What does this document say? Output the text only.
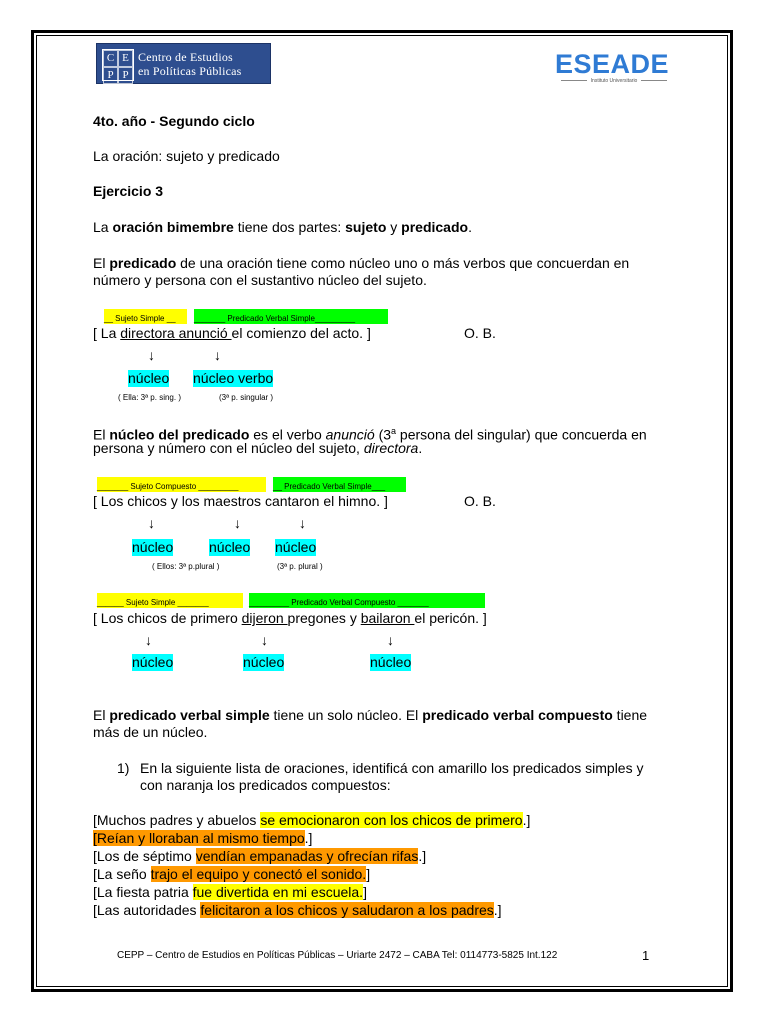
C E
P P
Centro de Estudios
en Políticas Públicas	ESEADE
Instituto Universitario
4to. año - Segundo ciclo
La oración: sujeto y predicado
Ejercicio 3
La oración bimembre tiene dos partes: sujeto y predicado.
El predicado de una oración tiene como núcleo uno o más verbos que concuerdan en
número y persona con el sustantivo núcleo del sujeto.
__ Sujeto Simple __	_______ Predicado Verbal Simple_________
[ La directora anunció el comienzo del acto. ]	O. B.
↓	↓
núcleo núcleo verbo
( Ella: 3ª p. sing. )	(3ª p. singular )
El núcleo del predicado es el verbo anunció (3$^a$ persona del singular) que concuerda en
persona y número con el núcleo del sujeto, directora.
_______ Sujeto Compuesto _________	__ Predicado Verbal Simple___
[ Los chicos y los maestros cantaron el himno. ]	O. B.
↓	↓	↓
núcleo	núcleo núcleo
( Ellos: 3ª p.plural )	(3ª p. plural )
______ Sujeto Simple _______	_________ Predicado Verbal Compuesto _______
[ Los chicos de primero dijeron pregones y bailaron el pericón. ]
↓	↓	↓
núcleo	núcleo	núcleo
El predicado verbal simple tiene un solo núcleo. El predicado verbal compuesto tiene
más de un núcleo.
1) En la siguiente lista de oraciones, identificá con amarillo los predicados simples y
con naranja los predicados compuestos:
[Muchos padres y abuelos se emocionaron con los chicos de primero.]
[Reían y lloraban al mismo tiempo.]
[Los de séptimo vendían empanadas y ofrecían rifas.]
[La seño trajo el equipo y conectó el sonido.]
[La fiesta patria fue divertida en mi escuela.]
[Las autoridades felicitaron a los chicos y saludaron a los padres.]
CEPP – Centro de Estudios en Políticas Públicas – Uriarte 2472 – CABA Tel: 0114773-5825 Int.122	1
